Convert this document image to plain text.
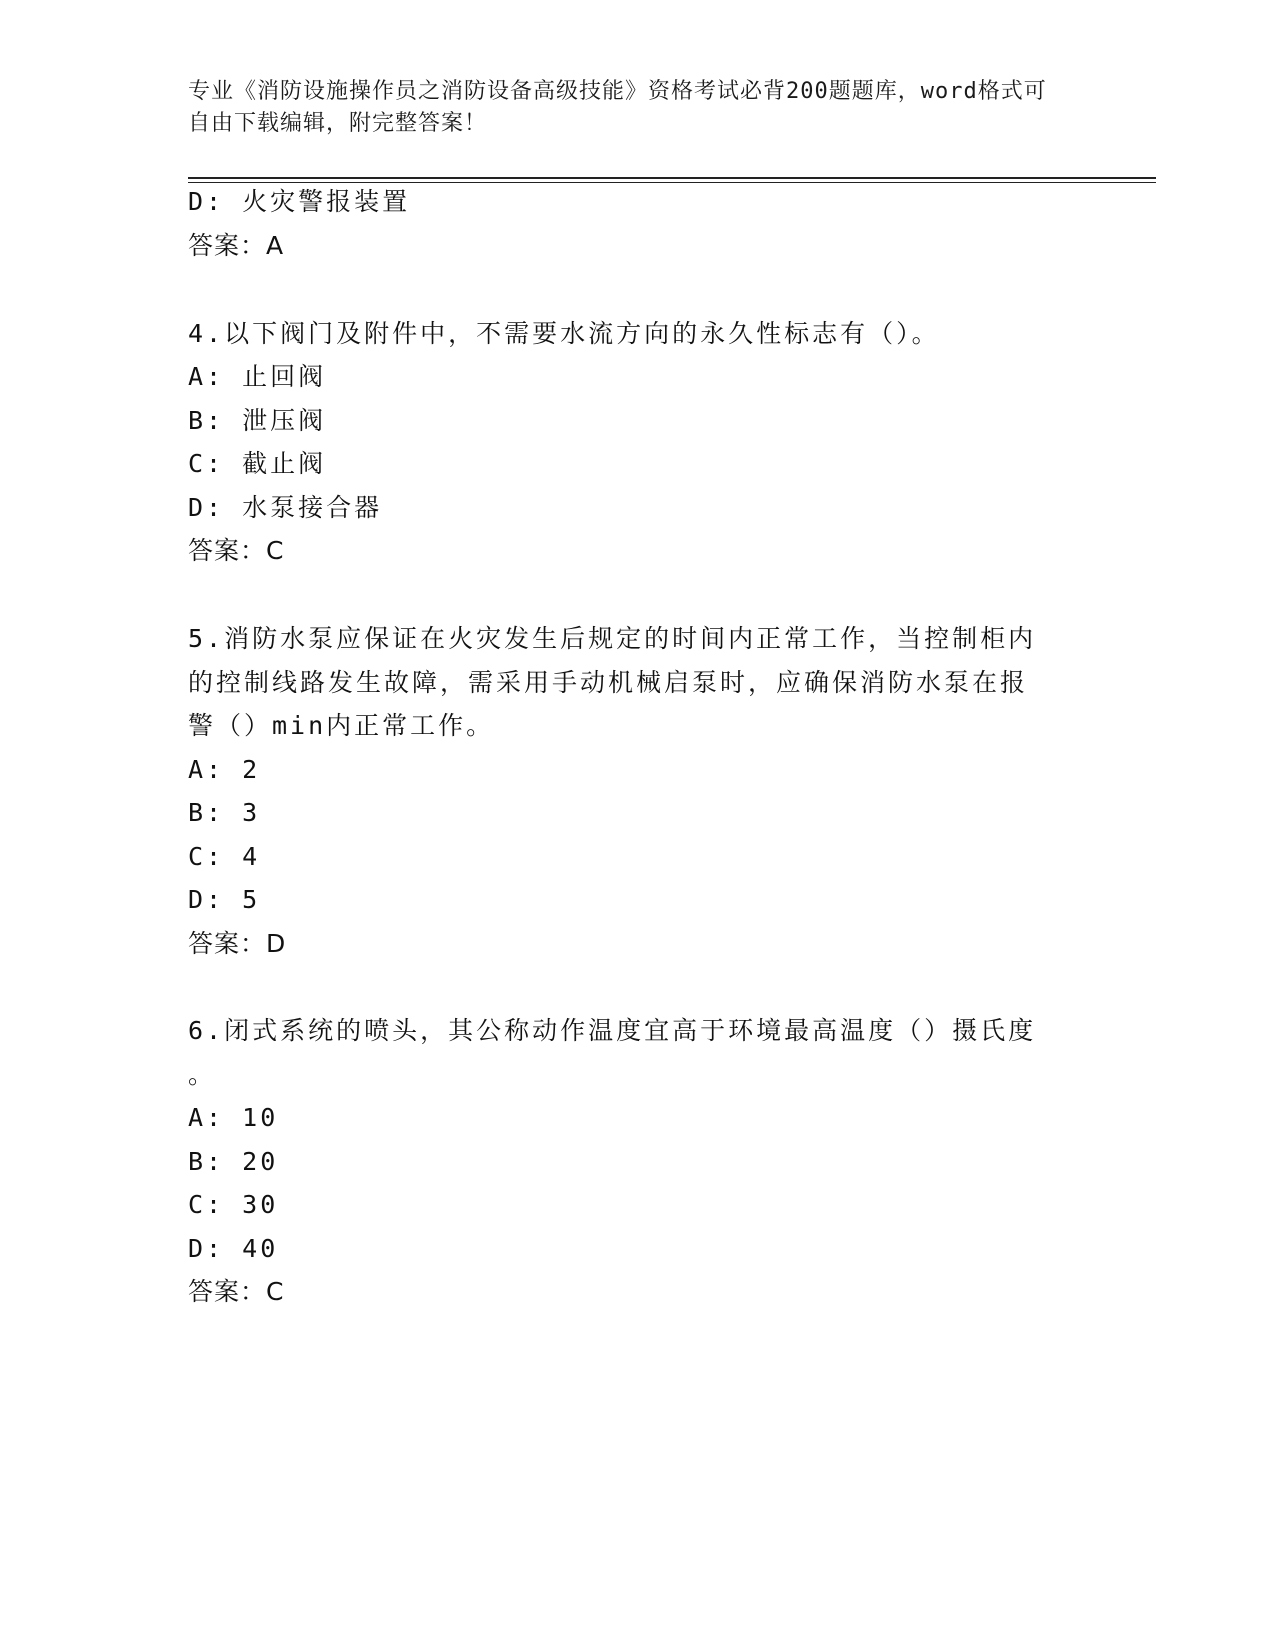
专业《消防设施操作员之消防设备高级技能》资格考试必背200题题库，word格式可自由下载编辑，附完整答案！
D: 火灾警报装置
答案：A
4.以下阀门及附件中，不需要水流方向的永久性标志有（）。
A: 止回阀
B: 泄压阀
C: 截止阀
D: 水泵接合器
答案：C
5.消防水泵应保证在火灾发生后规定的时间内正常工作，当控制柜内
的控制线路发生故障，需采用手动机械启泵时，应确保消防水泵在报
警（）min内正常工作。
A: 2
B: 3
C: 4
D: 5
答案：D
6.闭式系统的喷头，其公称动作温度宜高于环境最高温度（）摄氏度
。
A: 10
B: 20
C: 30
D: 40
答案：C
